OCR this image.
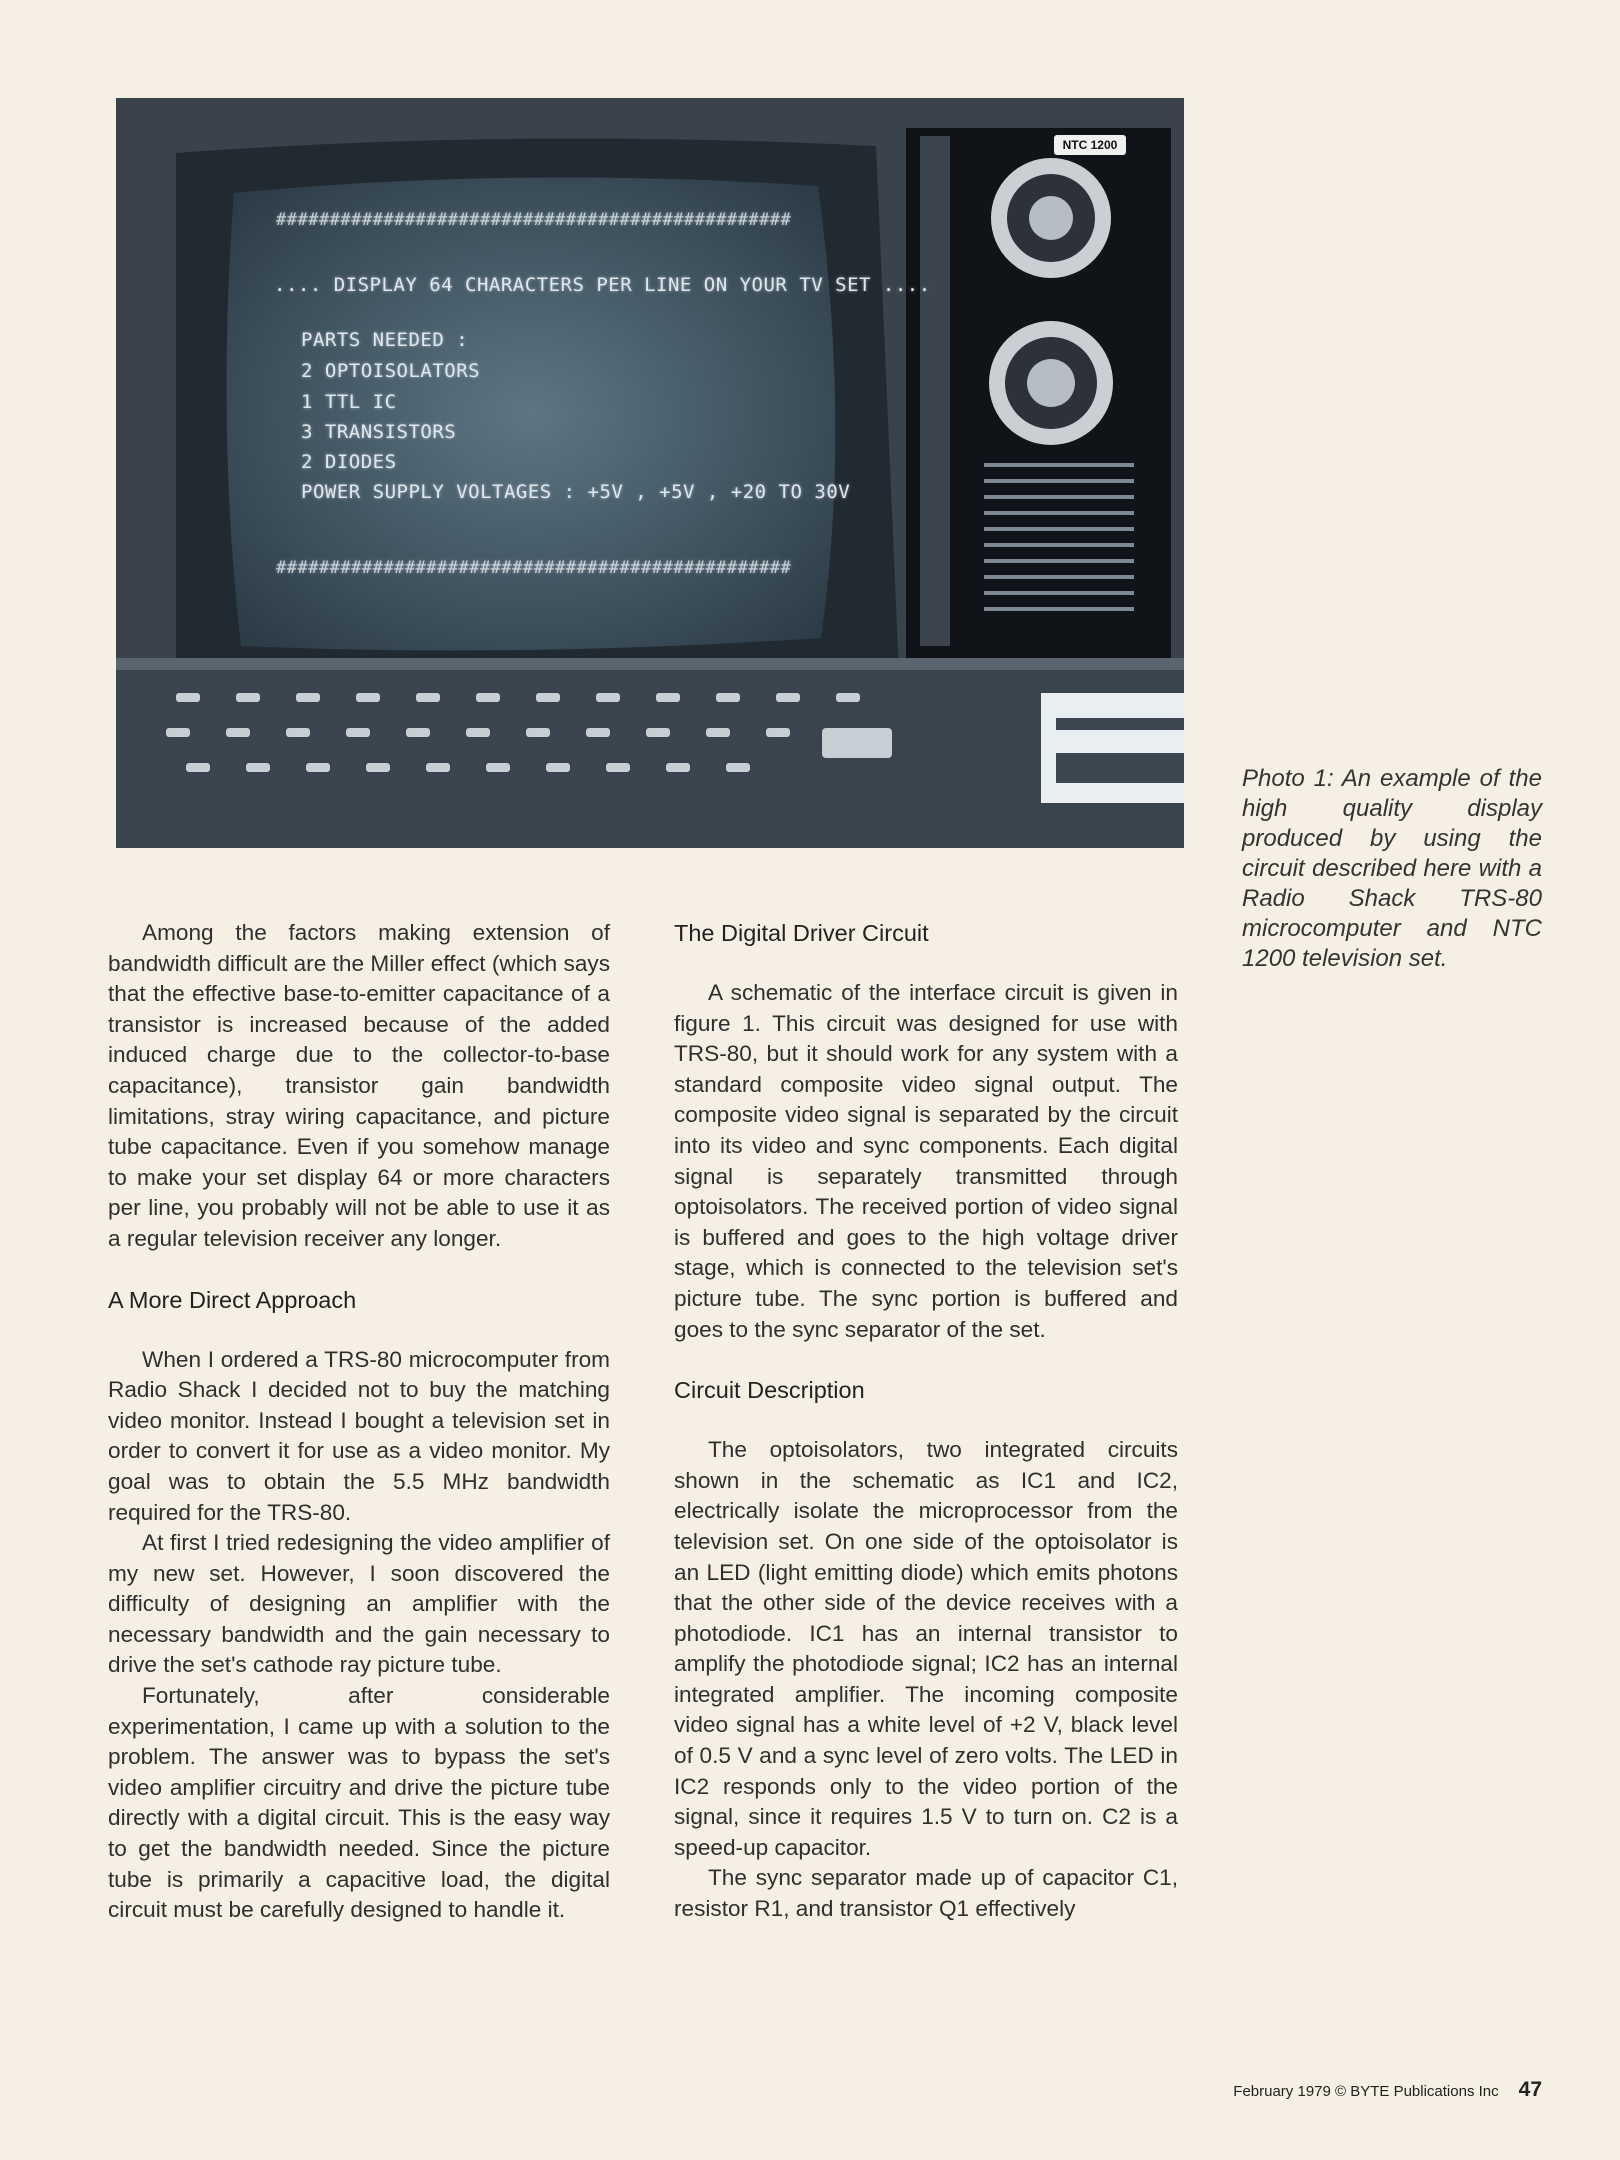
NTC 1200
################################################
.... DISPLAY 64 CHARACTERS PER LINE ON YOUR TV SET ....
PARTS NEEDED :
2 OPTOISOLATORS
1 TTL IC
3 TRANSISTORS
2 DIODES
POWER SUPPLY VOLTAGES : +5V , +5V , +20 TO 30V
################################################
Photo 1: An example of the high quality display produced by using the circuit described here with a Radio Shack TRS-80 microcomputer and NTC 1200 television set.

Among the factors making extension of bandwidth difficult are the Miller effect (which says that the effective base-to-emitter capacitance of a transistor is increased because of the added induced charge due to the collector-to-base capacitance), transistor gain bandwidth limitations, stray wiring capacitance, and picture tube capacitance. Even if you somehow manage to make your set display 64 or more characters per line, you probably will not be able to use it as a regular television receiver any longer.

A More Direct Approach

When I ordered a TRS-80 microcomputer from Radio Shack I decided not to buy the matching video monitor. Instead I bought a television set in order to convert it for use as a video monitor. My goal was to obtain the 5.5 MHz bandwidth required for the TRS-80.

At first I tried redesigning the video amplifier of my new set. However, I soon discovered the difficulty of designing an amplifier with the necessary bandwidth and the gain necessary to drive the set's cathode ray picture tube.

Fortunately, after considerable experimentation, I came up with a solution to the problem. The answer was to bypass the set's video amplifier circuitry and drive the picture tube directly with a digital circuit. This is the easy way to get the bandwidth needed. Since the picture tube is primarily a capacitive load, the digital circuit must be carefully designed to handle it.

The Digital Driver Circuit

A schematic of the interface circuit is given in figure 1. This circuit was designed for use with TRS-80, but it should work for any system with a standard composite video signal output. The composite video signal is separated by the circuit into its video and sync components. Each digital signal is separately transmitted through optoisolators. The received portion of video signal is buffered and goes to the high voltage driver stage, which is connected to the television set's picture tube. The sync portion is buffered and goes to the sync separator of the set.

Circuit Description

The optoisolators, two integrated circuits shown in the schematic as IC1 and IC2, electrically isolate the microprocessor from the television set. On one side of the optoisolator is an LED (light emitting diode) which emits photons that the other side of the device receives with a photodiode. IC1 has an internal transistor to amplify the photodiode signal; IC2 has an internal integrated amplifier. The incoming composite video signal has a white level of +2 V, black level of 0.5 V and a sync level of zero volts. The LED in IC2 responds only to the video portion of the signal, since it requires 1.5 V to turn on. C2 is a speed-up capacitor.

The sync separator made up of capacitor C1, resistor R1, and transistor Q1 effectively

February 1979 © BYTE Publications Inc 47
